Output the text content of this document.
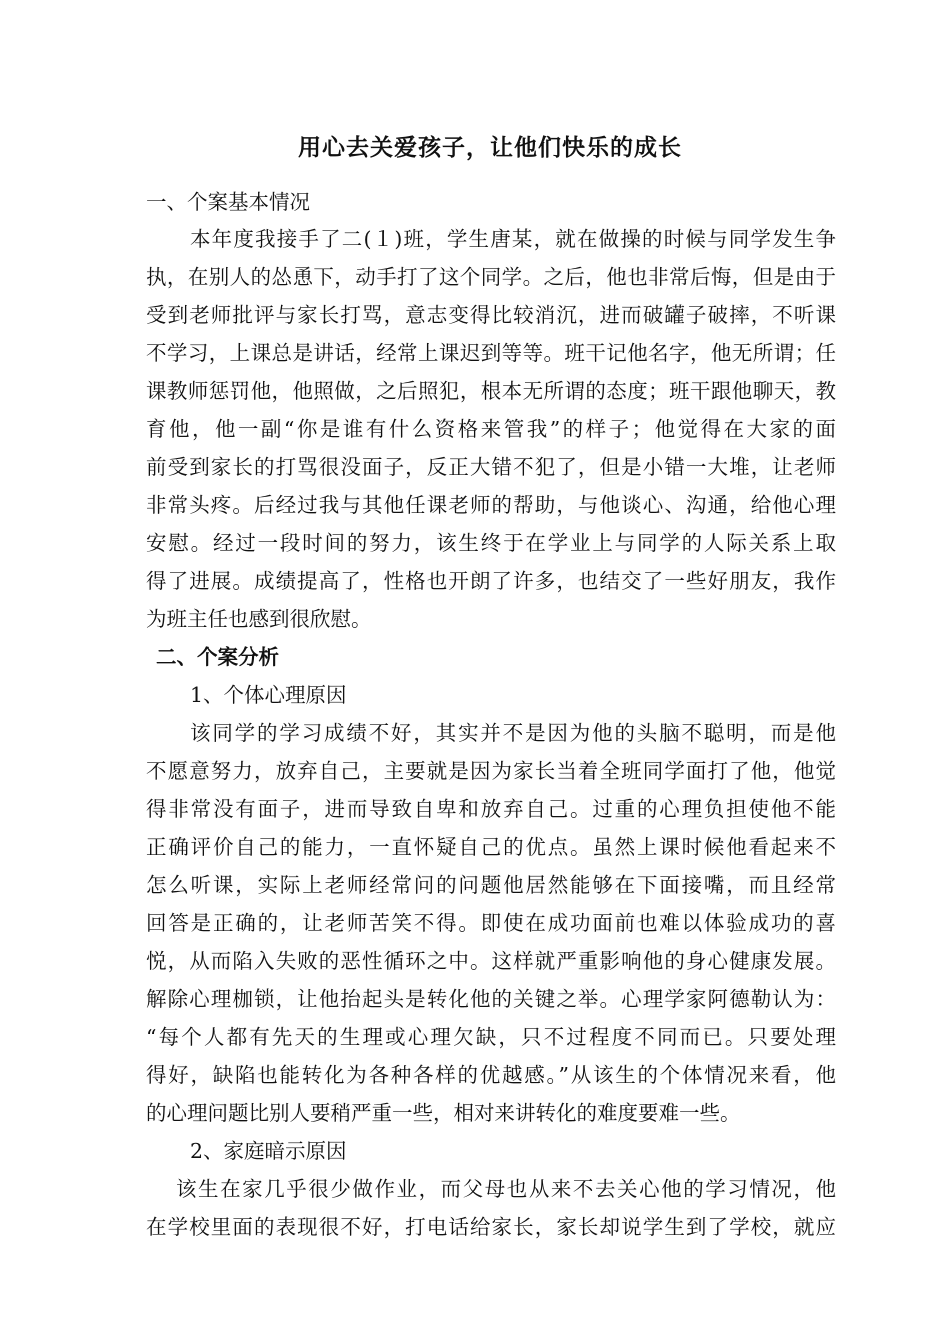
用心去关爱孩子，让他们快乐的成长
一、个案基本情况
本年度我接手了二(１)班，学生唐某，就在做操的时候与同学发生争
执，在别人的怂恿下，动手打了这个同学。之后，他也非常后悔，但是由于
受到老师批评与家长打骂，意志变得比较消沉，进而破罐子破摔，不听课
不学习，上课总是讲话，经常上课迟到等等。班干记他名字，他无所谓；任
课教师惩罚他，他照做，之后照犯，根本无所谓的态度；班干跟他聊天，教
育他，他一副“你是谁有什么资格来管我”的样子；他觉得在大家的面
前受到家长的打骂很没面子，反正大错不犯了，但是小错一大堆，让老师
非常头疼。后经过我与其他任课老师的帮助，与他谈心、沟通，给他心理
安慰。经过一段时间的努力，该生终于在学业上与同学的人际关系上取
得了进展。成绩提高了，性格也开朗了许多，也结交了一些好朋友，我作
为班主任也感到很欣慰。
二、个案分析
1、个体心理原因
该同学的学习成绩不好，其实并不是因为他的头脑不聪明，而是他
不愿意努力，放弃自己，主要就是因为家长当着全班同学面打了他，他觉
得非常没有面子，进而导致自卑和放弃自己。过重的心理负担使他不能
正确评价自己的能力，一直怀疑自己的优点。虽然上课时候他看起来不
怎么听课，实际上老师经常问的问题他居然能够在下面接嘴，而且经常
回答是正确的，让老师苦笑不得。即使在成功面前也难以体验成功的喜
悦，从而陷入失败的恶性循环之中。这样就严重影响他的身心健康发展。
解除心理枷锁，让他抬起头是转化他的关键之举。心理学家阿德勒认为：
“每个人都有先天的生理或心理欠缺，只不过程度不同而已。只要处理
得好，缺陷也能转化为各种各样的优越感。”从该生的个体情况来看，他
的心理问题比别人要稍严重一些，相对来讲转化的难度要难一些。
2、家庭暗示原因
该生在家几乎很少做作业，而父母也从来不去关心他的学习情况，他
在学校里面的表现很不好，打电话给家长，家长却说学生到了学校，就应
